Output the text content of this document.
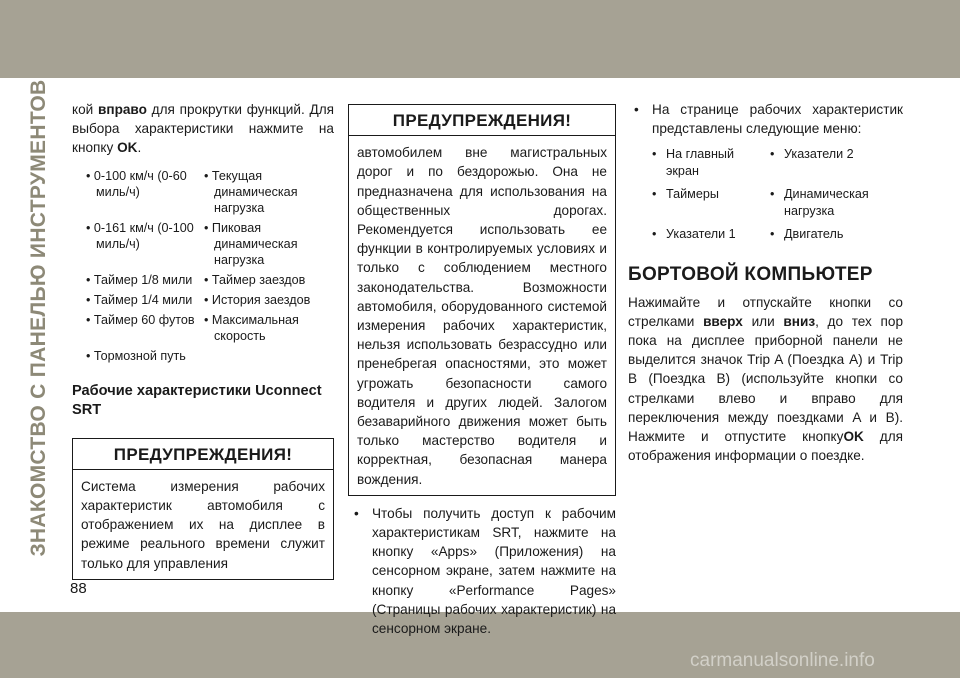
ЗНАКОМСТВО С ПАНЕЛЬЮ ИНСТРУМЕНТОВ кой вправо для прокрутки функций. Для выбора характеристики нажмите на кнопку OK.

• 0-100 км/ч (0-60 миль/ч)
• Текущая динамическая нагрузка
• 0-161 км/ч (0-100 миль/ч)
• Пиковая динамическая нагрузка
• Таймер 1/8 мили • Таймер заездов
• Таймер 1/4 мили • История заездов
• Таймер 60 футов • Максимальная скорость
• Тормозной путь
Рабочие характеристики Uconnect SRT
ПРЕДУПРЕЖДЕНИЯ!
Система измерения рабочих характеристик автомобиля с отображением их на дисплее в режиме реального времени служит только для управления
ПРЕДУПРЕЖДЕНИЯ!
автомобилем вне магистральных дорог и по бездорожью. Она не предназначена для использования на общественных дорогах. Рекомендуется использовать ее функции в контролируемых условиях и только с соблюдением местного законодательства. Возможности автомобиля, оборудованного системой измерения рабочих характеристик, нельзя использовать безрассудно или пренебрегая опасностями, это может угрожать безопасности самого водителя и других людей. Залогом безаварийного движения может быть только мастерство водителя и корректная, безопасная манера вождения.
• Чтобы получить доступ к рабочим характеристикам SRT, нажмите на кнопку «Apps» (Приложения) на сенсорном экране, затем нажмите на кнопку «Performance Pages» (Страницы рабочих характеристик) на сенсорном экране.
• На странице рабочих характеристик представлены следующие меню:
• На главный экран
• Указатели 2
• Таймеры	• Динамическая нагрузка
• Указатели 1	• Двигатель
БОРТОВОЙ КОМПЬЮТЕР

Нажимайте и отпускайте кнопки со стрелками вверх или вниз, до тех пор пока на дисплее приборной панели не выделится значок Trip A (Поездка A) и Trip B (Поездка B) (используйте кнопки со стрелками влево и вправо для переключения между поездками A и B). Нажмите и отпустите кнопкуOK для отображения информации о поездке.

88
carmanualsonline.info
